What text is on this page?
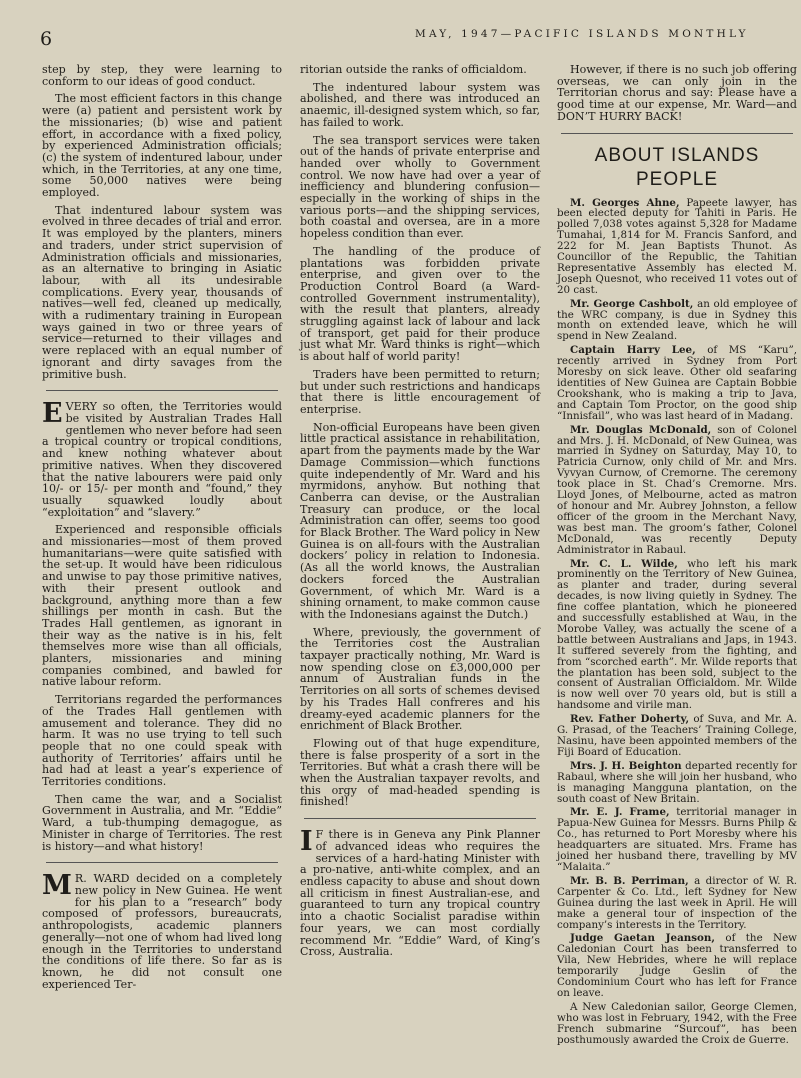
6	MAY, 1947—PACIFIC ISLANDS MONTHLY

step by step, they were learning to conform to our ideas of good conduct.

The most efficient factors in this change were (a) patient and persistent work by the missionaries; (b) wise and patient effort, in accordance with a fixed policy, by experienced Administration officials; (c) the system of indentured labour, under which, in the Territories, at any one time, some 50,000 natives were being employed.

That indentured labour system was evolved in three decades of trial and error. It was employed by the planters, miners and traders, under strict supervision of Administration officials and missionaries, as an alternative to bringing in Asiatic labour, with all its undesirable complications. Every year, thousands of natives—well fed, cleaned up medically, with a rudimentary training in European ways gained in two or three years of service—returned to their villages and were replaced with an equal number of ignorant and dirty savages from the primitive bush.

EVERY so often, the Territories would be visited by Australian Trades Hall gentlemen who never before had seen a tropical country or tropical conditions, and knew nothing whatever about primitive natives. When they discovered that the native labourers were paid only 10/- or 15/- per month and “found,” they usually squawked loudly about “exploitation” and “slavery.”

Experienced and responsible officials and missionaries—most of them proved humanitarians—were quite satisfied with the set-up. It would have been ridiculous and unwise to pay those primitive natives, with their present outlook and background, anything more than a few shillings per month in cash. But the Trades Hall gentlemen, as ignorant in their way as the native is in his, felt themselves more wise than all officials, planters, missionaries and mining companies combined, and bawled for native labour reform.

Territorians regarded the performances of the Trades Hall gentlemen with amusement and tolerance. They did no harm. It was no use trying to tell such people that no one could speak with authority of Territories’ affairs until he had had at least a year’s experience of Territories conditions.

Then came the war, and a Socialist Government in Australia, and Mr. “Eddie” Ward, a tub-thumping demagogue, as Minister in charge of Territories. The rest is history—and what history!

M R. WARD decided on a completely new policy in New Guinea. He went for his plan to a “research” body composed of professors, bureaucrats, anthropologists, academic planners generally—not one of whom had lived long enough in the Territories to understand the conditions of life there. So far as is known, he did not consult one experienced Ter-

ritorian outside the ranks of officialdom.

The indentured labour system was abolished, and there was introduced an anaemic, ill-designed system which, so far, has failed to work.

The sea transport services were taken out of the hands of private enterprise and handed over wholly to Government control. We now have had over a year of inefficiency and blundering confusion—especially in the working of ships in the various ports—and the shipping services, both coastal and oversea, are in a more hopeless condition than ever.

The handling of the produce of plantations was forbidden private enterprise, and given over to the Production Control Board (a Ward-controlled Government instrumentality), with the result that planters, already struggling against lack of labour and lack of transport, get paid for their produce just what Mr. Ward thinks is right—which is about half of world parity!

Traders have been permitted to return; but under such restrictions and handicaps that there is little encouragement of enterprise.

Non-official Europeans have been given little practical assistance in rehabilitation, apart from the payments made by the War Damage Commission—which functions quite independently of Mr. Ward and his myrmidons, anyhow. But nothing that Canberra can devise, or the Australian Treasury can produce, or the local Administration can offer, seems too good for Black Brother. The Ward policy in New Guinea is on all-fours with the Australian dockers’ policy in relation to Indonesia. (As all the world knows, the Australian dockers forced the Australian Government, of which Mr. Ward is a shining ornament, to make common cause with the Indonesians against the Dutch.)

Where, previously, the government of the Territories cost the Australian taxpayer practically nothing, Mr. Ward is now spending close on £3,000,000 per annum of Australian funds in the Territories on all sorts of schemes devised by his Trades Hall confreres and his dreamy-eyed academic planners for the enrichment of Black Brother.

Flowing out of that huge expenditure, there is false prosperity of a sort in the Territories. But what a crash there will be when the Australian taxpayer revolts, and this orgy of mad-headed spending is finished!

I F there is in Geneva any Pink Planner of advanced ideas who requires the services of a hard-hating Minister with a pro-native, anti-white complex, and an endless capacity to abuse and shout down all criticism in finest Australian-ese, and guaranteed to turn any tropical country into a chaotic Socialist paradise within four years, we can most cordially recommend Mr. “Eddie” Ward, of King’s Cross, Australia.

However, if there is no such job offering overseas, we can only join in the Territorian chorus and say: Please have a good time at our expense, Mr. Ward—and DON’T HURRY BACK!

ABOUT ISLANDS
PEOPLE

M. Georges Ahne, Papeete lawyer, has been elected deputy for Tahiti in Paris. He polled 7,038 votes against 5,328 for Madame Tumahai, 1,814 for M. Francis Sanford, and 222 for M. Jean Baptists Thunot. As Councillor of the Republic, the Tahitian Representative Assembly has elected M. Joseph Quesnot, who received 11 votes out of 20 cast.

Mr. George Cashbolt, an old employee of the WRC company, is due in Sydney this month on extended leave, which he will spend in New Zealand.

Captain Harry Lee, of MS “Karu”, recently arrived in Sydney from Port Moresby on sick leave. Other old seafaring identities of New Guinea are Captain Bobbie Crookshank, who is making a trip to Java, and Captain Tom Proctor, on the good ship “Innisfail”, who was last heard of in Madang.

Mr. Douglas McDonald, son of Colonel and Mrs. J. H. McDonald, of New Guinea, was married in Sydney on Saturday, May 10, to Patricia Curnow, only child of Mr. and Mrs. Vyvyan Curnow, of Cremorne. The ceremony took place in St. Chad’s Cremorne. Mrs. Lloyd Jones, of Melbourne, acted as matron of honour and Mr. Aubrey Johnston, a fellow officer of the groom in the Merchant Navy, was best man. The groom’s father, Colonel McDonald, was recently Deputy Administrator in Rabaul.

Mr. C. L. Wilde, who left his mark prominently on the Territory of New Guinea, as planter and trader, during several decades, is now living quietly in Sydney. The fine coffee plantation, which he pioneered and successfully established at Wau, in the Morobe Valley, was actually the scene of a battle between Australians and Japs, in 1943. It suffered severely from the fighting, and from “scorched earth”. Mr. Wilde reports that the plantation has been sold, subject to the consent of Australian Officialdom. Mr. Wilde is now well over 70 years old, but is still a handsome and virile man.

Rev. Father Doherty, of Suva, and Mr. A. G. Prasad, of the Teachers’ Training College, Nasinu, have been appointed members of the Fiji Board of Education.

Mrs. J. H. Beighton departed recently for Rabaul, where she will join her husband, who is managing Mangguna plantation, on the south coast of New Britain.

Mr. E. J. Frame, territorial manager in Papua-New Guinea for Messrs. Burns Philp & Co., has returned to Port Moresby where his headquarters are situated. Mrs. Frame has joined her husband there, travelling by MV “Malaita.”

Mr. B. B. Perriman, a director of W. R. Carpenter & Co. Ltd., left Sydney for New Guinea during the last week in April. He will make a general tour of inspection of the company’s interests in the Territory.

Judge Gaetan Jeanson, of the New Caledonian Court has been transferred to Vila, New Hebrides, where he will replace temporarily Judge Geslin of the Condominium Court who has left for France on leave.

A New Caledonian sailor, George Clemen, who was lost in February, 1942, with the Free French submarine “Surcouf”, has been posthumously awarded the Croix de Guerre.
